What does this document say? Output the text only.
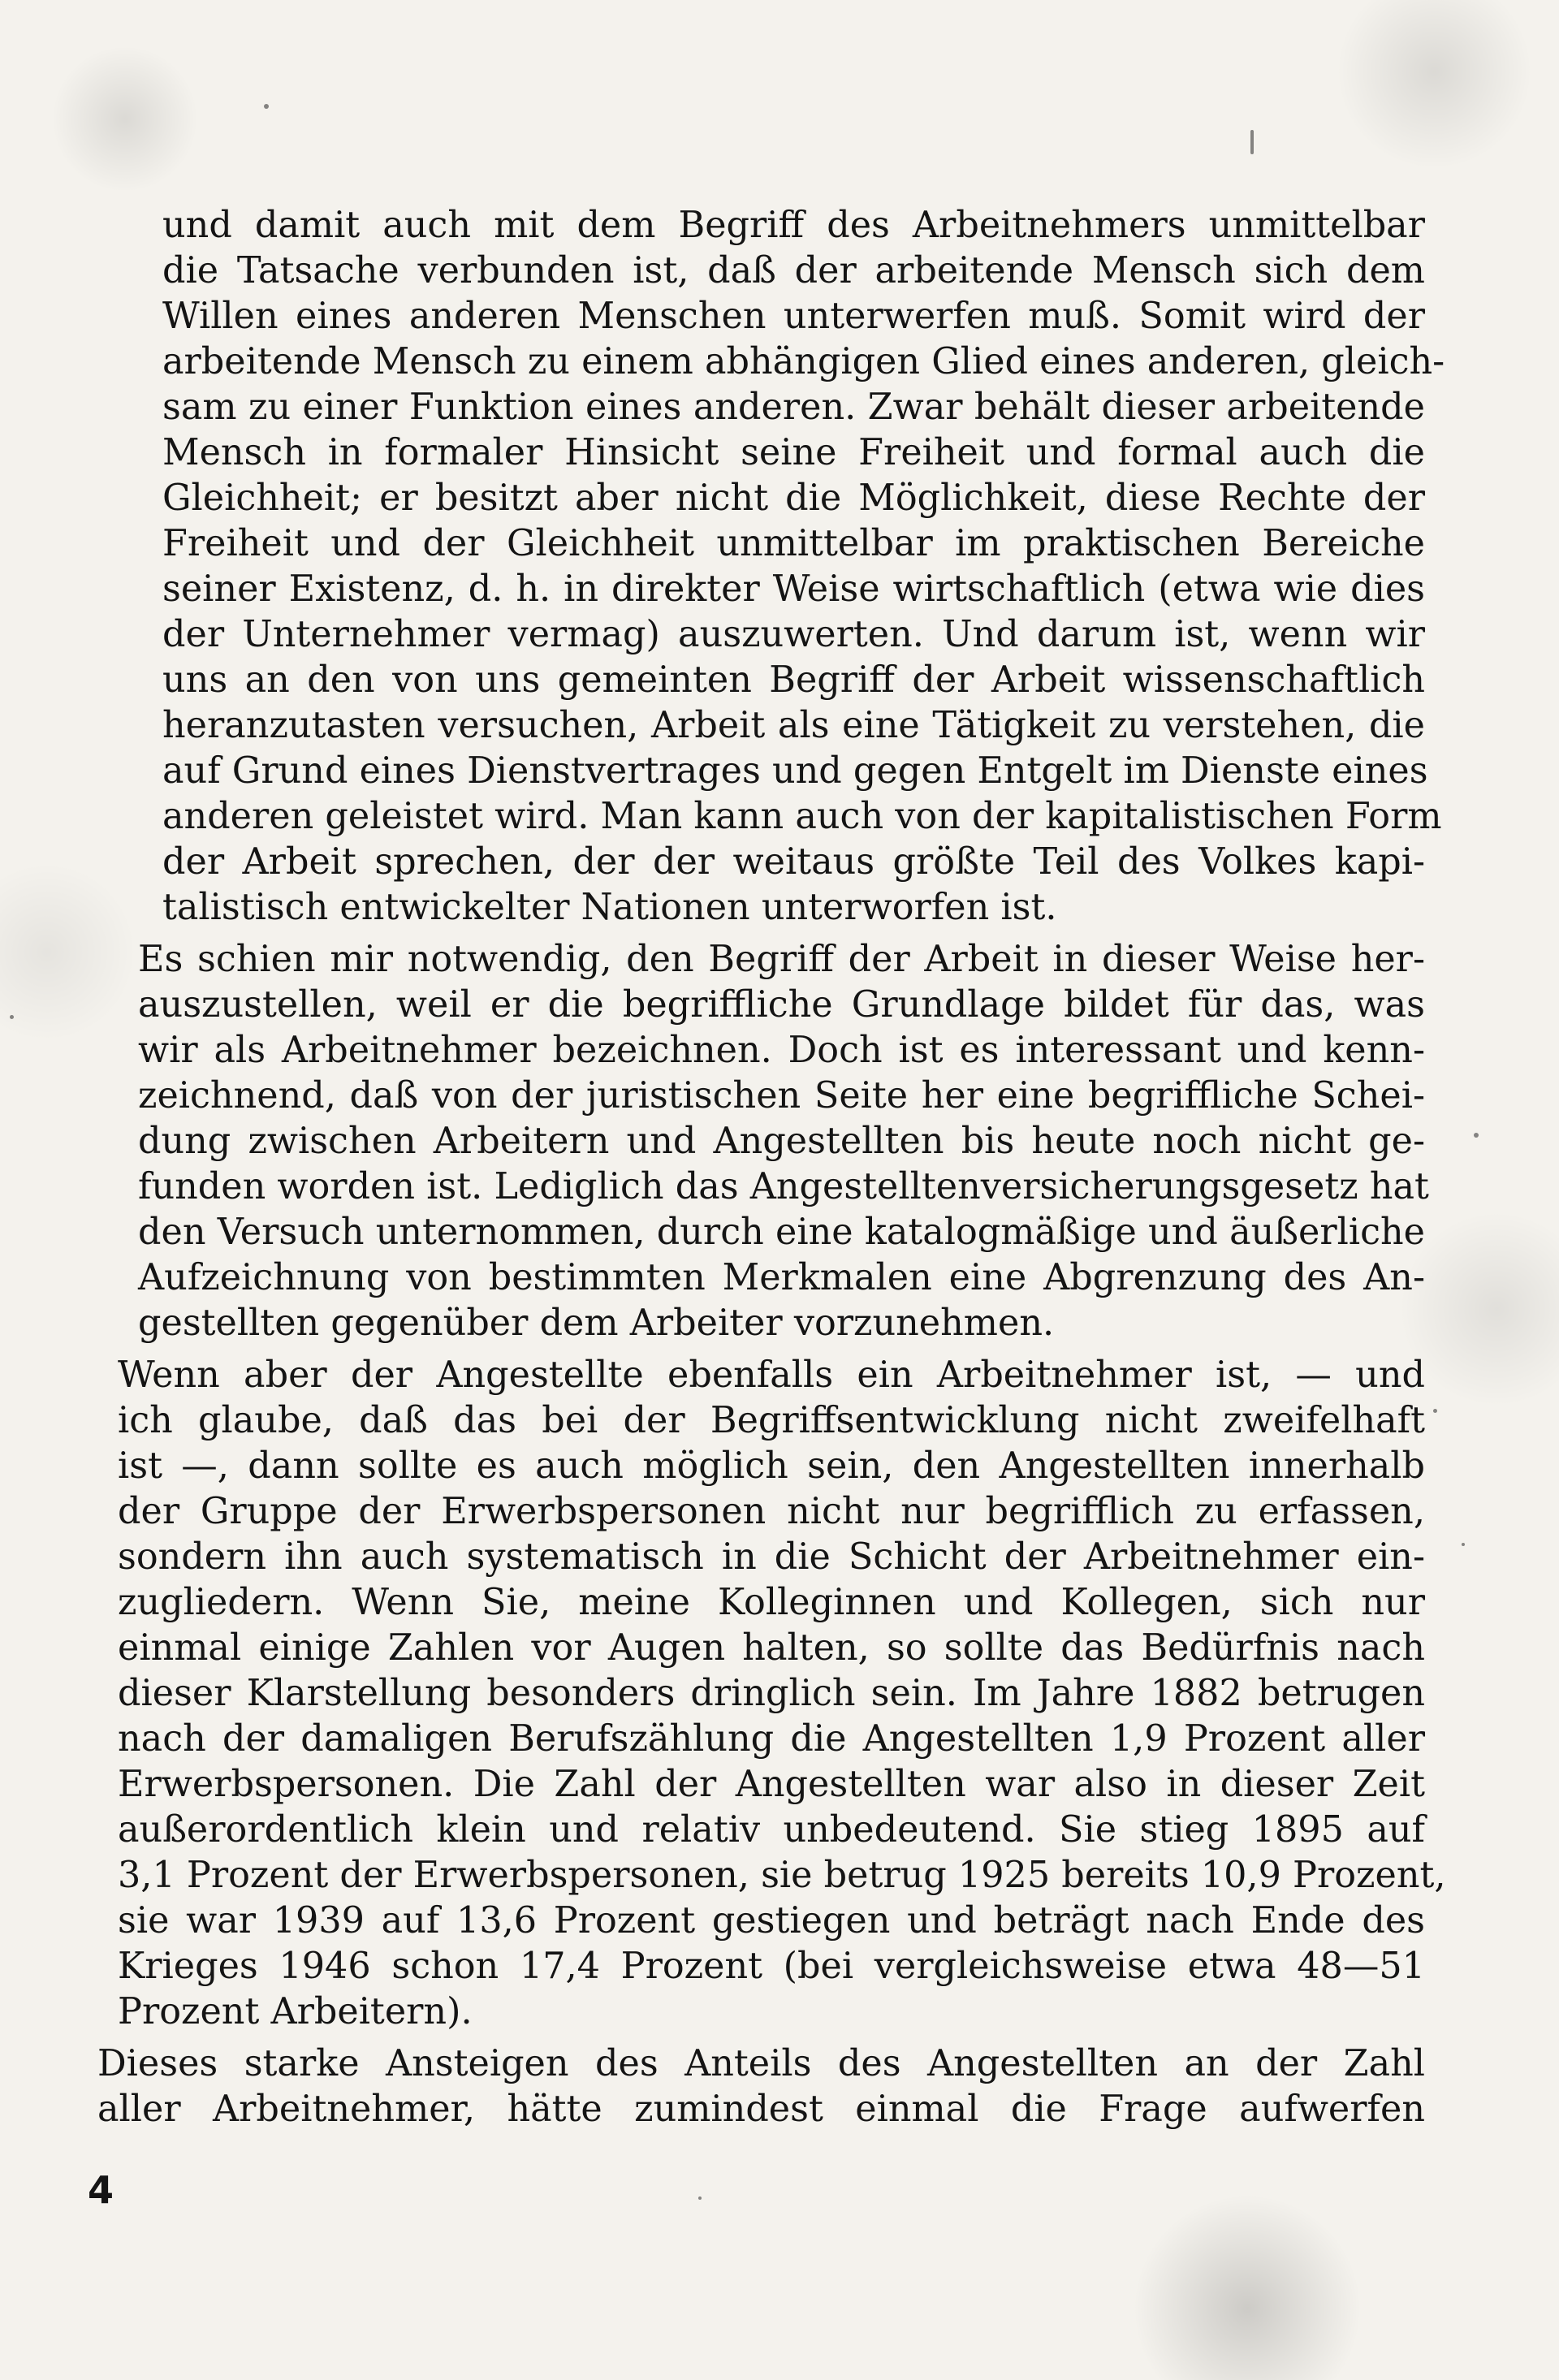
und damit auch mit dem Begriff des Arbeitnehmers unmittelbar
die Tatsache verbunden ist, daß der arbeitende Mensch sich dem
Willen eines anderen Menschen unterwerfen muß. Somit wird der
arbeitende Mensch zu einem abhängigen Glied eines anderen, gleich-
sam zu einer Funktion eines anderen. Zwar behält dieser arbeitende
Mensch in formaler Hinsicht seine Freiheit und formal auch die
Gleichheit; er besitzt aber nicht die Möglichkeit, diese Rechte der
Freiheit und der Gleichheit unmittelbar im praktischen Bereiche
seiner Existenz, d. h. in direkter Weise wirtschaftlich (etwa wie dies
der Unternehmer vermag) auszuwerten. Und darum ist, wenn wir
uns an den von uns gemeinten Begriff der Arbeit wissenschaftlich
heranzutasten versuchen, Arbeit als eine Tätigkeit zu verstehen, die
auf Grund eines Dienstvertrages und gegen Entgelt im Dienste eines
anderen geleistet wird. Man kann auch von der kapitalistischen Form
der Arbeit sprechen, der der weitaus größte Teil des Volkes kapi-
talistisch entwickelter Nationen unterworfen ist.
Es schien mir notwendig, den Begriff der Arbeit in dieser Weise her-
auszustellen, weil er die begriffliche Grundlage bildet für das, was
wir als Arbeitnehmer bezeichnen. Doch ist es interessant und kenn-
zeichnend, daß von der juristischen Seite her eine begriffliche Schei-
dung zwischen Arbeitern und Angestellten bis heute noch nicht ge-
funden worden ist. Lediglich das Angestelltenversicherungsgesetz hat
den Versuch unternommen, durch eine katalogmäßige und äußerliche
Aufzeichnung von bestimmten Merkmalen eine Abgrenzung des An-
gestellten gegenüber dem Arbeiter vorzunehmen.
Wenn aber der Angestellte ebenfalls ein Arbeitnehmer ist, — und
ich glaube, daß das bei der Begriffsentwicklung nicht zweifelhaft
ist —, dann sollte es auch möglich sein, den Angestellten innerhalb
der Gruppe der Erwerbspersonen nicht nur begrifflich zu erfassen,
sondern ihn auch systematisch in die Schicht der Arbeitnehmer ein-
zugliedern. Wenn Sie, meine Kolleginnen und Kollegen, sich nur
einmal einige Zahlen vor Augen halten, so sollte das Bedürfnis nach
dieser Klarstellung besonders dringlich sein. Im Jahre 1882 betrugen
nach der damaligen Berufszählung die Angestellten 1,9 Prozent aller
Erwerbspersonen. Die Zahl der Angestellten war also in dieser Zeit
außerordentlich klein und relativ unbedeutend. Sie stieg 1895 auf
3,1 Prozent der Erwerbspersonen, sie betrug 1925 bereits 10,9 Prozent,
sie war 1939 auf 13,6 Prozent gestiegen und beträgt nach Ende des
Krieges 1946 schon 17,4 Prozent (bei vergleichsweise etwa 48—51
Prozent Arbeitern).
Dieses starke Ansteigen des Anteils des Angestellten an der Zahl
aller Arbeitnehmer, hätte zumindest einmal die Frage aufwerfen
4
